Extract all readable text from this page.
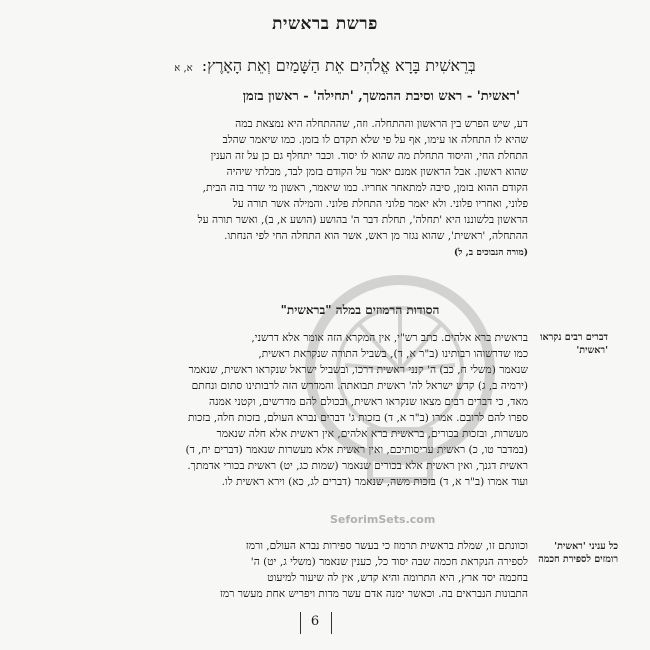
פרשת בראשית
בְּרֵאשִׁית בָּרָא אֱלֹהִים אֵת הַשָּׁמַיִם וְאֵת הָאָרֶץ: א, א
'ראשית' - ראש וסיבת ההמשך, 'תחילה' - ראשון בזמן
דע, שיש הפרש בין הראשון וההתחלה. וזה, שההתחלה היא נמצאת במה
שהיא לו התחלה או עימו, אף על פי שלא תקדם לו בזמן. כמו שיאמר שהלב
התחלת החי, והיסוד התחלת מה שהוא לו יסוד. וכבר יתחלף גם כן על זה הענין
שהוא ראשון. אבל הראשון אמנם יאמר על הקודם בזמן לבד, מבלתי שיהיה
הקודם ההוא בזמן, סיבה למתאחר אחריו. כמו שיאמר, ראשון מי שדר בזה הבית,
פלוני, ואחריו פלוני. ולא יאמר פלוני התחלת פלוני. והמילה אשר תורה על
הראשון בלשוננו היא 'תחלה', תחלת דבר ה' בהושע (הושע א, ב), ואשר תורה על
ההתחלה, 'ראשית', שהוא נגזר מן ראש, אשר הוא התחלה החי לפי הנחתו.
(מורה הנבוכים ב, ל)
הסודות הרמוזים במלה "בראשית"
דברים רבים נקראו 'ראשית'
בראשית ברא אלהים. כתב רש"י, אין המקרא הזה אומר אלא דרשני,
כמו שדרשוהו רבותינו (ב"ר א, ד), בשביל התורה שנקראת ראשית,
שנאמר (משלי ח, כב) ה' קנני ראשית דרכו, ובשביל ישראל שנקראו ראשית, שנאמר
(ירמיה ב, ג) קדש ישראל לה' ראשית תבואתה. והמדרש הזה לרבותינו סתום ונחתם
מאד, כי דברים רבים מצאו שנקראו ראשית, ובכולם להם מדרשים, וקטני אמנה
ספרו להם לרובם. אמרו (ב"ר א, ד) בזכות ג' דברים נברא העולם, בזכות חלה, בזכות
מעשרות, ובזכות בכורים, בראשית ברא אלהים, אין ראשית אלא חלה שנאמר
(במדבר טו, כ) ראשית עריסותיכם, ואין ראשית אלא מעשרות שנאמר (דברים יח, ד)
ראשית דגנך, ואין ראשית אלא בכורים שנאמר (שמות כג, יט) ראשית בכורי אדמתך.
ועוד אמרו (ב"ר א, ד) בזכות משה, שנאמר (דברים לג, כא) וירא ראשית לו.
כל עניני 'ראשית' רומזים לספירת חכמה
וכוונתם זו, שמלת בראשית תרמוז כי בעשר ספירות נברא העולם, ורמז
לספירה הנקראת חכמה שבה יסוד כל, כענין שנאמר (משלי ג, יט) ה'
בחכמה יסד ארץ, היא התרומה והיא קדש, אין לה שיעור למיעוט
התבונות הנבראים בה. וכאשר ימנה אדם עשר מדות ויפריש אחת מעשר רמז
6
SeforimSets.com
